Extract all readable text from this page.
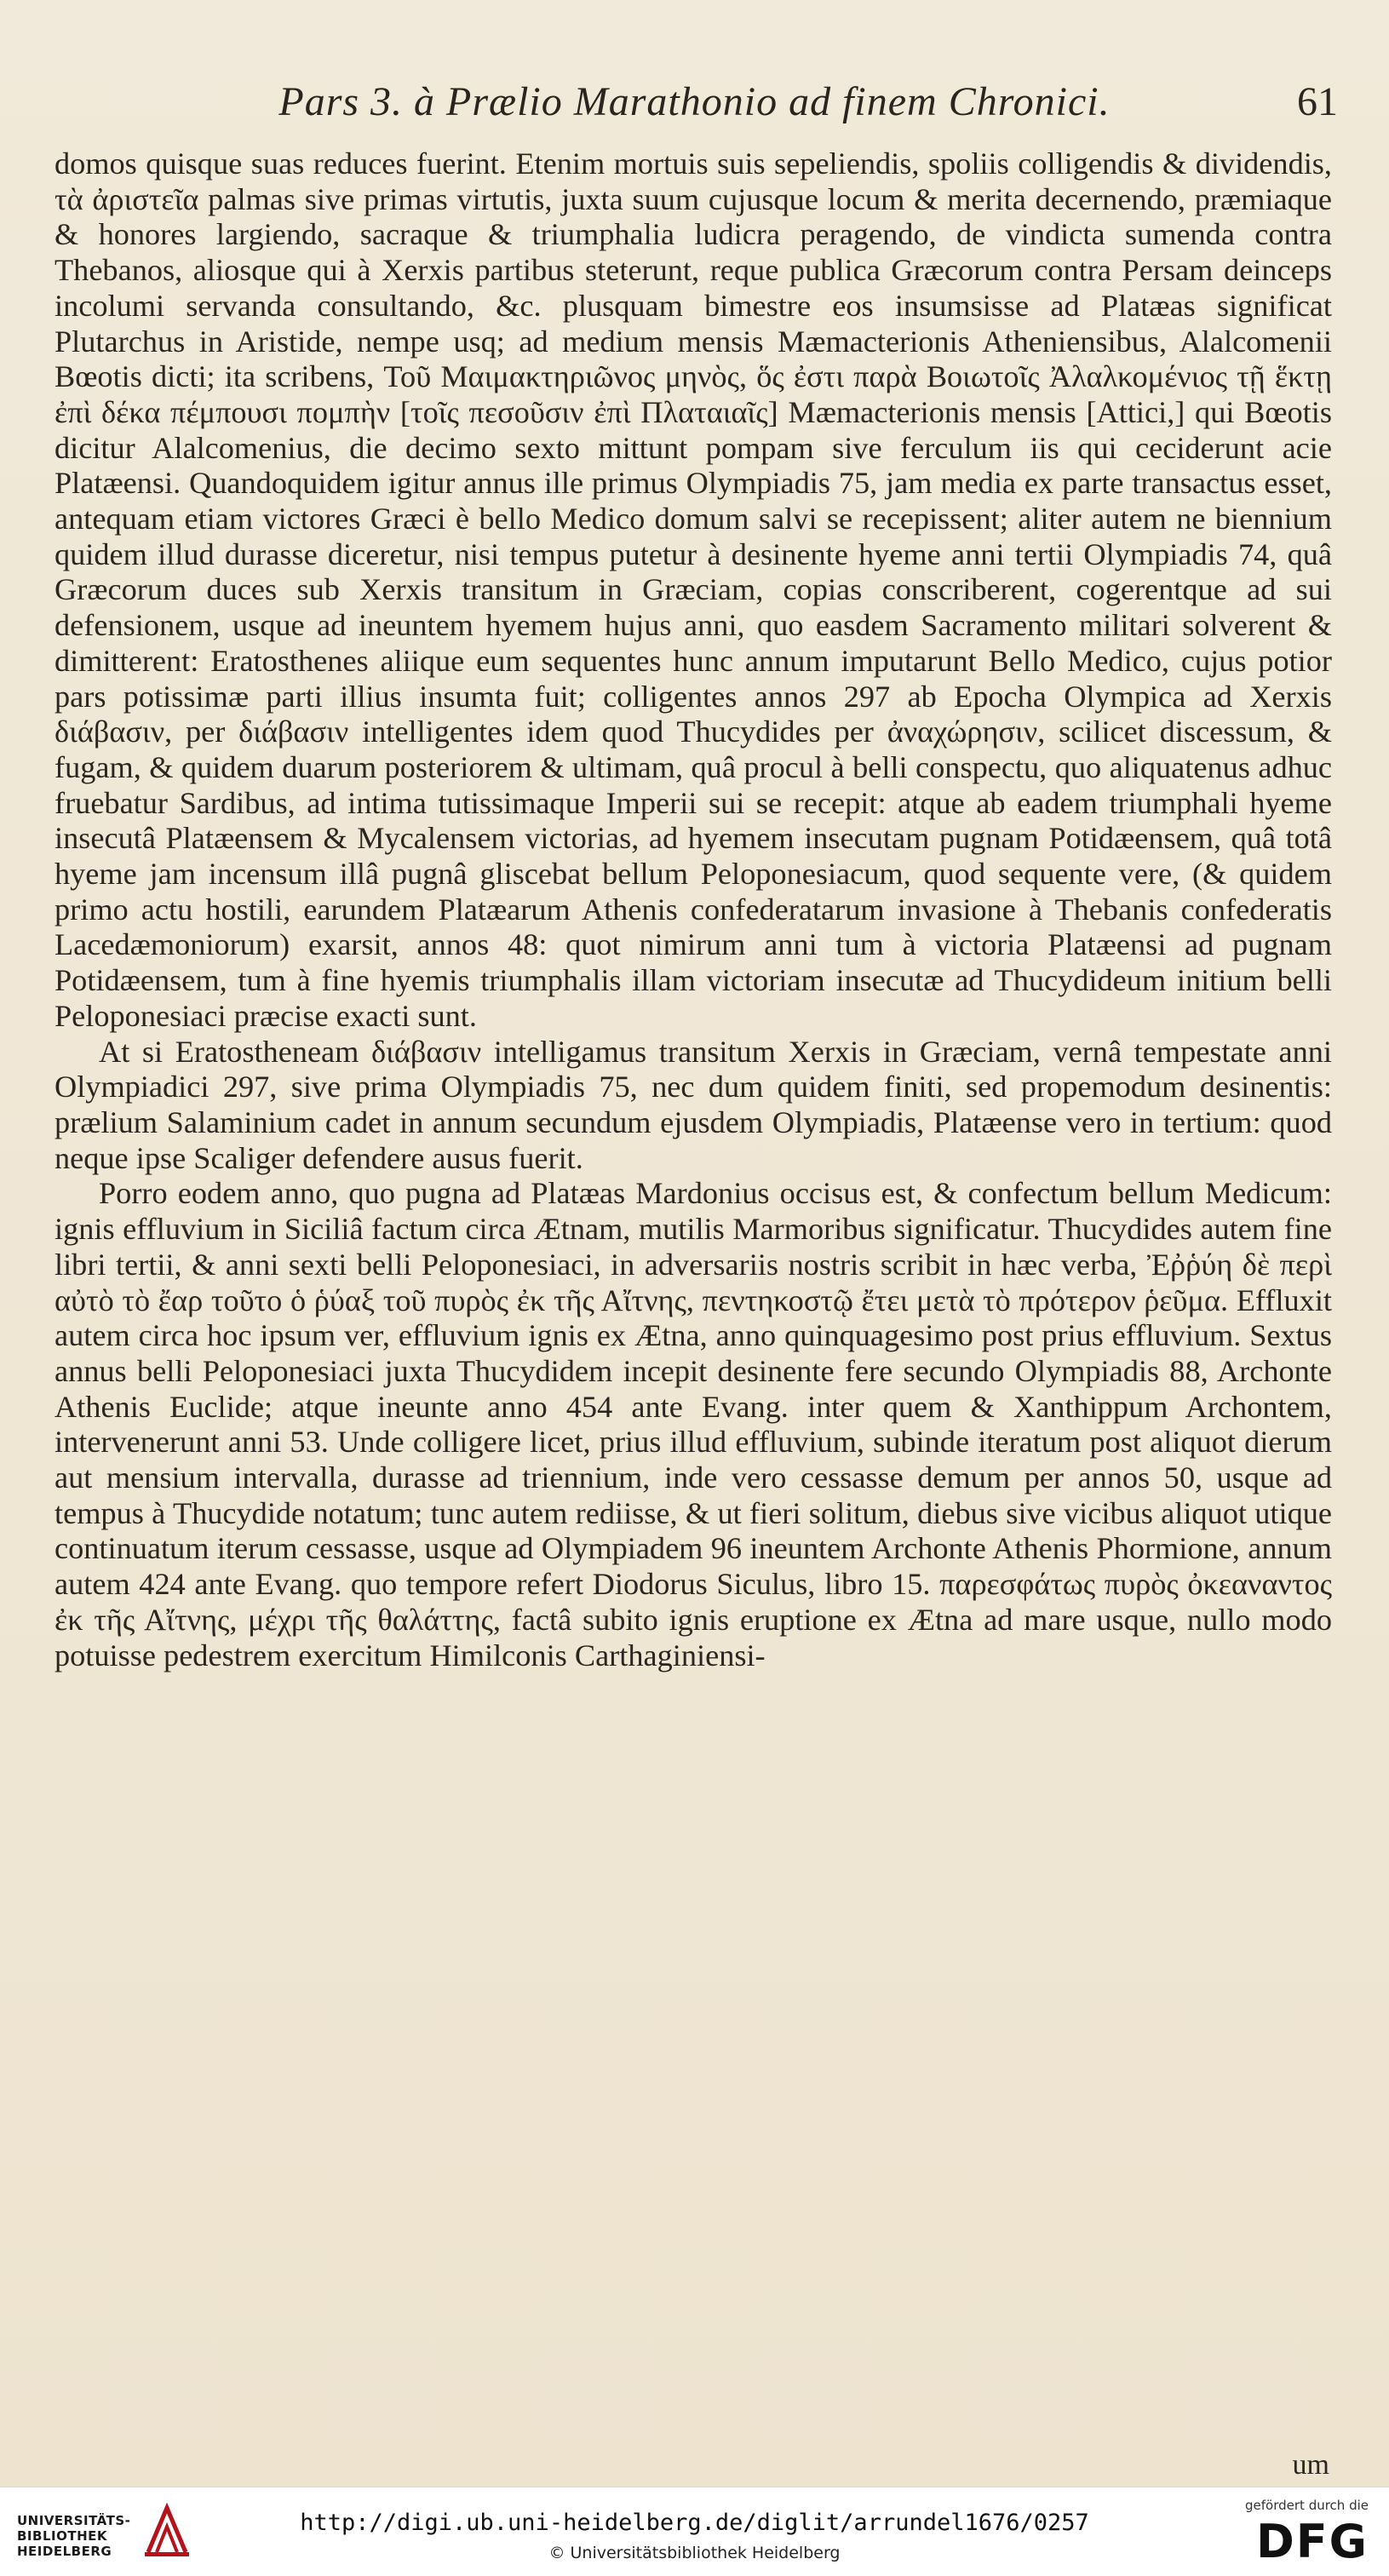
Pars 3. à Prælio Marathonio ad finem Chronici.	61

domos quisque suas reduces fuerint. Etenim mortuis suis sepeliendis, spoliis colligendis & dividendis, τὰ ἀριστεῖα palmas sive primas virtutis, juxta suum cujusque locum & merita decernendo, præmiaque & honores largiendo, sacraque & triumphalia ludicra peragendo, de vindicta sumenda contra Thebanos, aliosque qui à Xerxis partibus steterunt, reque publica Græcorum contra Persam deinceps incolumi servanda consultando, &c. plusquam bimestre eos insumsisse ad Platæas significat Plutarchus in Aristide, nempe usq; ad medium mensis Mæmacterionis Atheniensibus, Alalcomenii Bœotis dicti; ita scribens, Τοῦ Μαιμακτηριῶνος μηνὸς, ὅς ἐστι παρὰ Βοιωτοῖς Ἀλαλκομένιος τῇ ἕκτῃ ἐπὶ δέκα πέμπουσι πομπὴν [τοῖς πεσοῦσιν ἐπὶ Πλαταιαῖς] Mæmacterionis mensis [Attici,] qui Bœotis dicitur Alalcomenius, die decimo sexto mittunt pompam sive ferculum iis qui ceciderunt acie Platæensi. Quandoquidem igitur annus ille primus Olympiadis 75, jam media ex parte transactus esset, antequam etiam victores Græci è bello Medico domum salvi se recepissent; aliter autem ne biennium quidem illud durasse diceretur, nisi tempus putetur à desinente hyeme anni tertii Olympiadis 74, quâ Græcorum duces sub Xerxis transitum in Græciam, copias conscriberent, cogerentque ad sui defensionem, usque ad ineuntem hyemem hujus anni, quo easdem Sacramento militari solverent & dimitterent: Eratosthenes aliique eum sequentes hunc annum imputarunt Bello Medico, cujus potior pars potissimæ parti illius insumta fuit; colligentes annos 297 ab Epocha Olympica ad Xerxis διάβασιν, per διάβασιν intelligentes idem quod Thucydides per ἀναχώρησιν, scilicet discessum, & fugam, & quidem duarum posteriorem & ultimam, quâ procul à belli conspectu, quo aliquatenus adhuc fruebatur Sardibus, ad intima tutissimaque Imperii sui se recepit: atque ab eadem triumphali hyeme insecutâ Platæensem & Mycalensem victorias, ad hyemem insecutam pugnam Potidæensem, quâ totâ hyeme jam incensum illâ pugnâ gliscebat bellum Peloponesiacum, quod sequente vere, (& quidem primo actu hostili, earundem Platæarum Athenis confederatarum invasione à Thebanis confederatis Lacedæmoniorum) exarsit, annos 48: quot nimirum anni tum à victoria Platæensi ad pugnam Potidæensem, tum à fine hyemis triumphalis illam victoriam insecutæ ad Thucydideum initium belli Peloponesiaci præcise exacti sunt.

At si Eratostheneam διάβασιν intelligamus transitum Xerxis in Græciam, vernâ tempestate anni Olympiadici 297, sive prima Olympiadis 75, nec dum quidem finiti, sed propemodum desinentis: prælium Salaminium cadet in annum secundum ejusdem Olympiadis, Platæense vero in tertium: quod neque ipse Scaliger defendere ausus fuerit.

Porro eodem anno, quo pugna ad Platæas Mardonius occisus est, & confectum bellum Medicum: ignis effluvium in Siciliâ factum circa Ætnam, mutilis Marmoribus significatur. Thucydides autem fine libri tertii, & anni sexti belli Peloponesiaci, in adversariis nostris scribit in hæc verba, Ἐῤῥύη δὲ περὶ αὐτὸ τὸ ἔαρ τοῦτο ὁ ῥύαξ τοῦ πυρὸς ἐκ τῆς Αἴτνης, πεντηκοστῷ ἔτει μετὰ τὸ πρότερον ῥεῦμα. Effluxit autem circa hoc ipsum ver, effluvium ignis ex Ætna, anno quinquagesimo post prius effluvium. Sextus annus belli Peloponesiaci juxta Thucydidem incepit desinente fere secundo Olympiadis 88, Archonte Athenis Euclide; atque ineunte anno 454 ante Evang. inter quem & Xanthippum Archontem, intervenerunt anni 53. Unde colligere licet, prius illud effluvium, subinde iteratum post aliquot dierum aut mensium intervalla, durasse ad triennium, inde vero cessasse demum per annos 50, usque ad tempus à Thucydide notatum; tunc autem rediisse, & ut fieri solitum, diebus sive vicibus aliquot utique continuatum iterum cessasse, usque ad Olympiadem 96 ineuntem Archonte Athenis Phormione, annum autem 424 ante Evang. quo tempore refert Diodorus Siculus, libro 15. παρεσφάτως πυρὸς ὀκεαναντος ἐκ τῆς Αἴτνης, μέχρι τῆς θαλάττης, factâ subito ignis eruptione ex Ætna ad mare usque, nullo modo potuisse pedestrem exercitum Himilconis Carthaginiensi-

um
UNIVERSITÄTS-
BIBLIOTHEK
HEIDELBERG
http://digi.ub.uni-heidelberg.de/diglit/arrundel1676/0257
© Universitätsbibliothek Heidelberg
gefördert durch die
DFG
